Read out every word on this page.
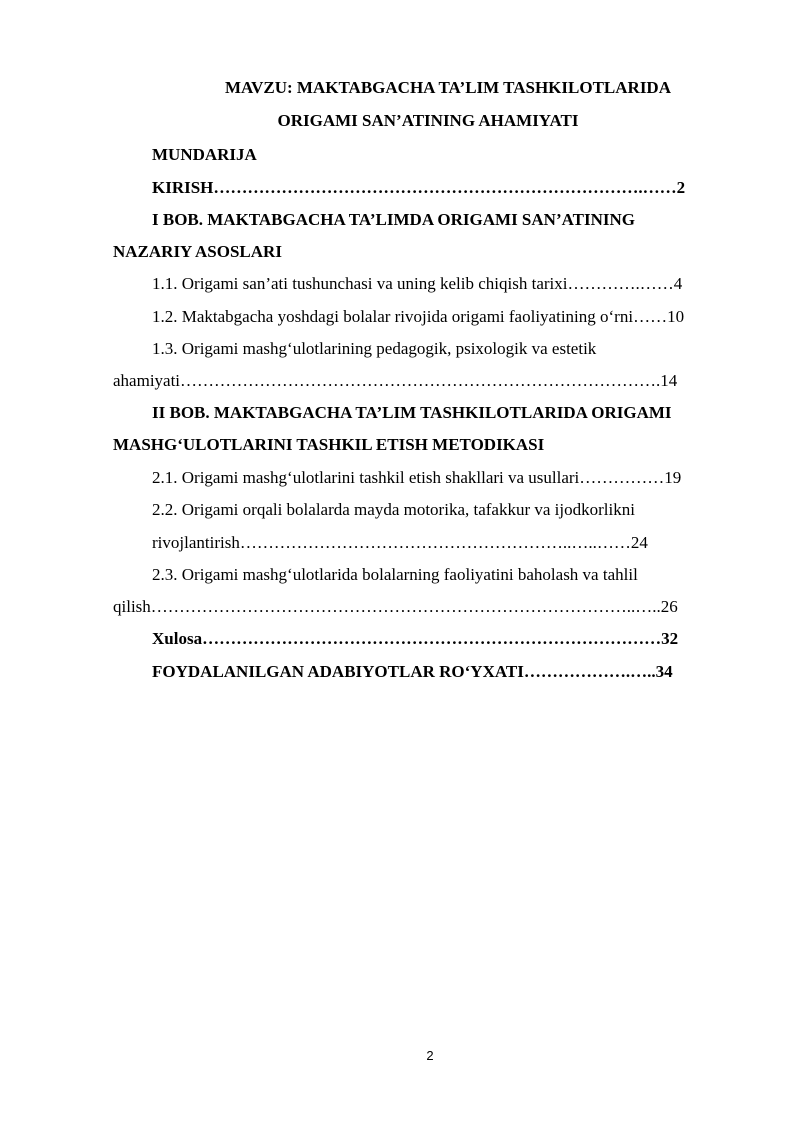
MAVZU: MAKTABGACHA TA’LIM TASHKILOTLARIDA

ORIGAMI SAN’ATINING AHAMIYATI

MUNDARIJA

KIRISH………………………………………………………………….……2

I BOB. MAKTABGACHA TA’LIMDA ORIGAMI SAN’ATINING

NAZARIY ASOSLARI

1.1. Origami san’ati tushunchasi va uning kelib chiqish tarixi………….……4

1.2. Maktabgacha yoshdagi bolalar rivojida origami faoliyatining o‘rni……10

1.3. Origami mashg‘ulotlarining pedagogik, psixologik va estetik

ahamiyati………………………………………………………………………….14

II BOB. MAKTABGACHA TA’LIM TASHKILOTLARIDA ORIGAMI

MASHG‘ULOTLARINI TASHKIL ETISH METODIKASI

2.1. Origami mashg‘ulotlarini tashkil etish shakllari va usullari……………19

2.2. Origami orqali bolalarda mayda motorika, tafakkur va ijodkorlikni

rivojlantirish…………………………………………………..…..……24

2.3. Origami mashg‘ulotlarida bolalarning faoliyatini baholash va tahlil

qilish…………………………………………………………………………..…..26

Xulosa………………………………………………………………………32

FOYDALANILGAN ADABIYOTLAR RO‘YXATI……………….…..34

2
